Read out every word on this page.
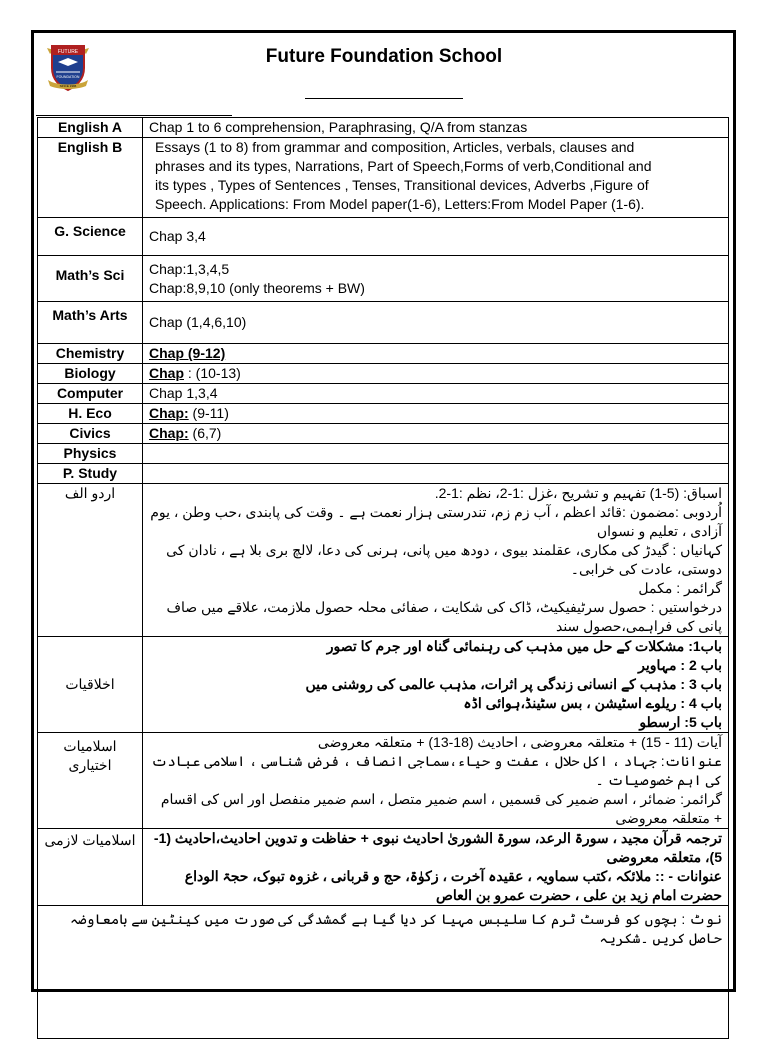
FUTURE
FOUNDATION
SINCE 1996
Future Foundation School
English A	Chap 1 to 6 comprehension, Paraphrasing, Q/A from stanzas
English B	Essays (1 to 8) from grammar and composition, Articles, verbals, clauses and
phrases and its types, Narrations, Part of Speech,Forms of verb,Conditional and
its types , Types of Sentences , Tenses, Transitional devices, Adverbs ,Figure of
Speech. Applications: From Model paper(1-6), Letters:From Model Paper (1-6).

G. Science	Chap 3,4
Math’s Sci	Chap:1,3,4,5
Chap:8,9,10 (only theorems + BW)

Math’s Arts	Chap (1,4,6,10)
Chemistry	Chap (9-12)
Biology	Chap : (10-13)
Computer	Chap 1,3,4
H. Eco	Chap: (9-11)
Civics	Chap: (6,7)
Physics	
P. Study	
اردو الف	اسباق: (5-1) تفہیم و تشریح ،غزل :1-2، نظم :1-2.
اُردوبی :مضمون :قائد اعظم ، آب زم زم، تندرستی ہزار نعمت ہے ۔ وقت کی پابندی ،حب وطن ، یوم آزادی ، تعلیم و نسواں
کہانیاں : گیدڑ کی مکاری، عقلمند بیوی ، دودھ میں پانی، ہرنی کی دعا، لالچ بری بلا ہے ، نادان کی دوستی، عادت کی خرابی۔
گرائمر : مکمل
درخواستیں : حصول سرٹیفیکیٹ، ڈاک کی شکایت ، صفائی محلہ حصول ملازمت، علاقے میں صاف پانی کی فراہمی،حصول سند

اخلاقیات	باب1: مشکلات کے حل میں مذہب کی رہنمائی گناہ اور جرم کا تصور
باب 2 : مہاویر
باب 3 : مذہب کے انسانی زندگی پر اثرات، مذہب عالمی کی روشنی میں
باب 4 : ریلوے اسٹیشن ، بس سٹینڈ،ہوائی اڈہ
باب 5: ارسطو

اسلامیات اختیاری	آیات (11 - 15) + متعلقہ معروضی ، احادیث (18-13) + متعلقہ معروضی
عنوانات: جہاد ، اکل حلال ، عفت و حیاء،سماجی انصاف ، فرض شناسی ، اسلامی عبادت کی اہم خصوصیات ۔
گرائمر: ضمائر ، اسم ضمیر کی قسمیں ، اسم ضمیر متصل ، اسم ضمیر منفصل اور اس کی اقسام + متعلقہ معروضی

اسلامیات لازمی	ترجمہ قرآن مجید ، سورۃ الرعد، سورۃ الشوریٰ احادیث نبوی + حفاظت و تدوین احادیث،احادیث (1-5)، متعلقہ معروضی
عنوانات - :: ملائکہ ،کتب سماویہ ، عقیدہ آخرت ، زکوٰۃ، حج و قربانی ، غزوہ تبوک، حجۃ الوداع
حضرت امام زید بن علی ، حضرت عمرو بن العاص

نوٹ : بچوں کو فرسٹ ٹرم کا سلیبس مہیا کر دیا گیا ہے گمشدگی کی صورت میں کینٹین سے بامعاوضہ حاصل کریں ۔شکریہ	
